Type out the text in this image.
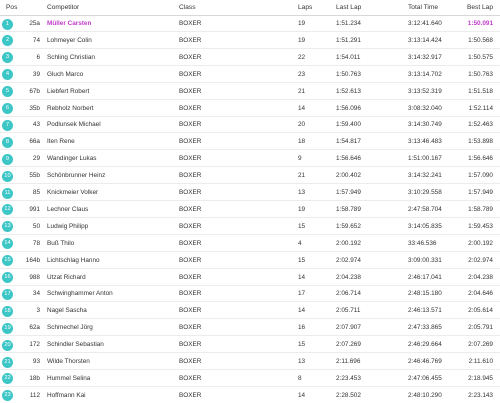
Pos	Competitor	Class	Laps	Last Lap	Total Time	Best Lap
1	25a Müller Carsten	BOXER	19	1:51.234	3:12:41.640	1:50.091
2	74 Lohmeyer Colin	BOXER	19	1:51.291	3:13:14.424	1:50.568
3	6 Schling Christian	BOXER	22	1:54.011	3:14:32.917	1:50.575
4	39 Gluch Marco	BOXER	23	1:50.763	3:13:14.702	1:50.763
5	67b Liebfert Robert	BOXER	21	1:52.613	3:13:52.319	1:51.518
6	35b Rebholz Norbert	BOXER	14	1:56.096	3:08:32.040	1:52.114
7	43 Podlunsek Michael	BOXER	20	1:59.400	3:14:30.749	1:52.463
8	66a Iten Rene	BOXER	18	1:54.817	3:13:46.483	1:53.898
9	29 Wandinger Lukas	BOXER	9	1:56.646	1:51:00.167	1:56.646
10	55b Schönbrunner Heinz	BOXER	21	2:00.402	3:14:32.241	1:57.090
11	85 Knickmeier Volker	BOXER	13	1:57.949	3:10:29.558	1:57.949
12	991 Lechner Claus	BOXER	19	1:58.789	2:47:58.704	1:58.789
13	50 Ludwig Philipp	BOXER	15	1:59.652	3:14:05.835	1:59.453
14	78 Buß Thilo	BOXER	4	2:00.192	33:46.536	2:00.192
15	164b Lichtschlag Hanno	BOXER	15	2:02.974	3:09:00.331	2:02.974
16	988 Utzat Richard	BOXER	14	2:04.238	2:46:17.041	2:04.238
17	34 Schwinghammer Anton	BOXER	17	2:06.714	2:48:15.180	2:04.646
18	3 Nagel Sascha	BOXER	14	2:05.711	2:46:13.571	2:05.614
19	62a Schmechel Jörg	BOXER	16	2:07.907	2:47:33.865	2:05.791
20	172 Schindler Sebastian	BOXER	15	2:07.269	2:46:29.664	2:07.269
21	93 Wilde Thorsten	BOXER	13	2:11.696	2:46:46.769	2:11.610
22	18b Hummel Selina	BOXER	8	2:23.453	2:47:06.455	2:18.945
23	112 Hoffmann Kai	BOXER	14	2:28.502	2:48:10.290	2:23.143
